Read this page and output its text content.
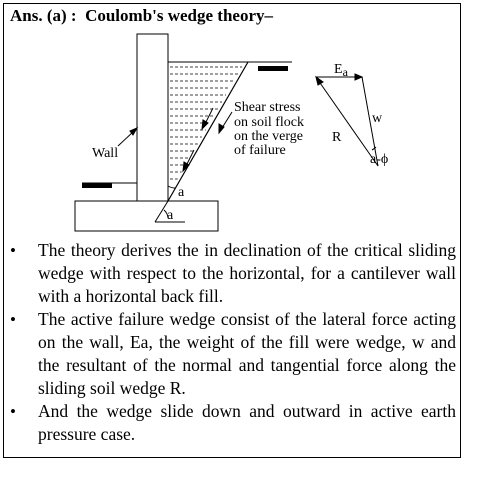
Ans. (a) :  Coulomb's wedge theory–
Wall
Shear stress
on soil flock
on the verge
of failure
a
a
Ea
w
R
a-ϕ
• The theory derives the in declination of the critical sliding wedge with respect to the horizontal, for a cantilever wall with a horizontal back fill.
• The active failure wedge consist of the lateral force acting on the wall, Ea, the weight of the fill were wedge, w and the resultant of the normal and tangential force along the sliding soil wedge R.
• And the wedge slide down and outward in active earth pressure case.
